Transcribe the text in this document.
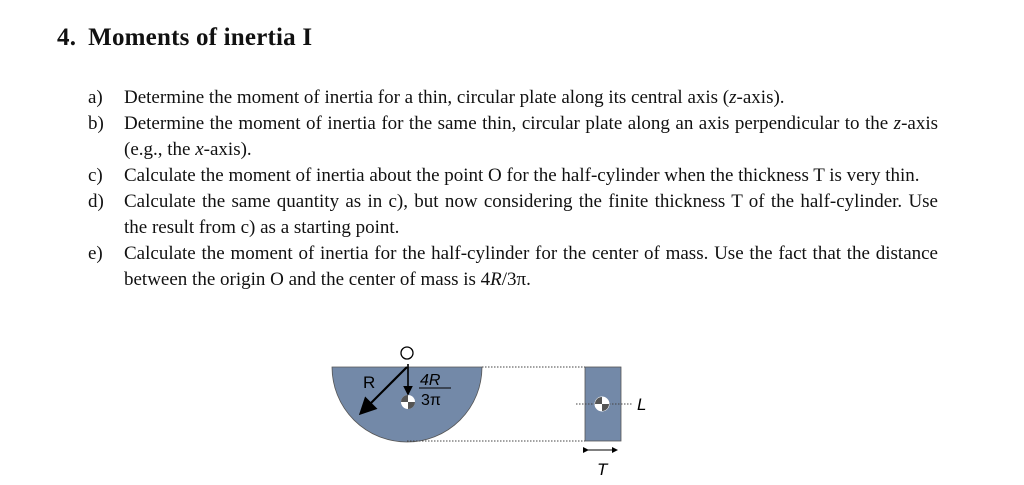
4. Moments of inertia I
a) Determine the moment of inertia for a thin, circular plate along its central axis (z-axis).
b) Determine the moment of inertia for the same thin, circular plate along an axis perpendicular to the z-axis (e.g., the x-axis).
c) Calculate the moment of inertia about the point O for the half-cylinder when the thickness T is very thin.
d) Calculate the same quantity as in c), but now considering the finite thickness T of the half-cylinder. Use the result from c) as a starting point.
e) Calculate the moment of inertia for the half-cylinder for the center of mass. Use the fact that the distance between the origin O and the center of mass is 4R/3π.
R	4R
3π	L
T
O
